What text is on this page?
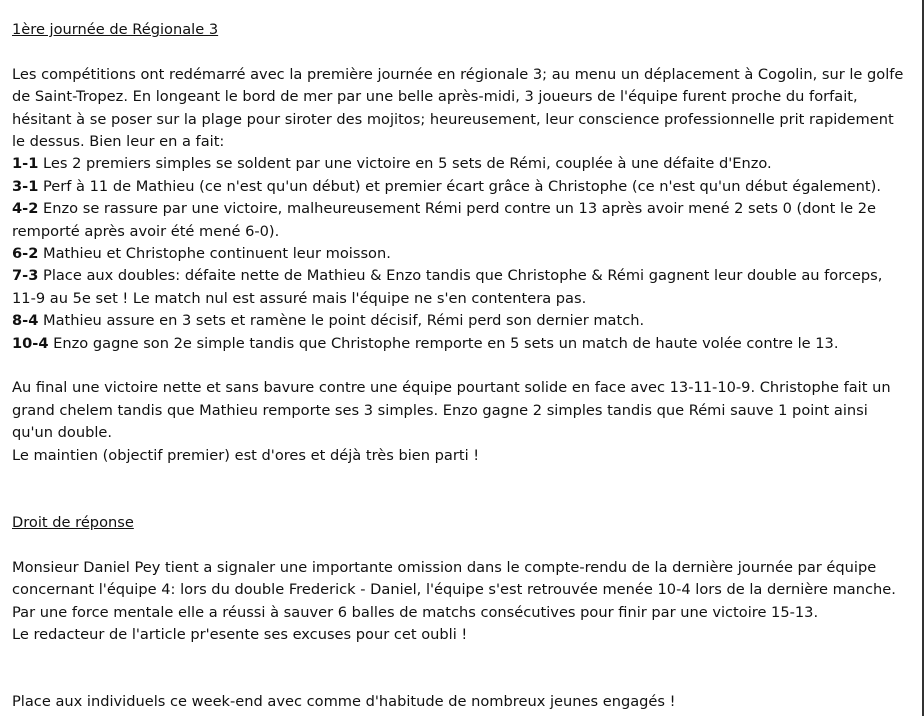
1ère journée de Régionale 3
Les compétitions ont redémarré avec la première journée en régionale 3; au menu un déplacement à Cogolin, sur le golfe de Saint-Tropez. En longeant le bord de mer par une belle après-midi, 3 joueurs de l'équipe furent proche du forfait, hésitant à se poser sur la plage pour siroter des mojitos; heureusement, leur conscience professionnelle prit rapidement le dessus. Bien leur en a fait:
1-1 Les 2 premiers simples se soldent par une victoire en 5 sets de Rémi, couplée à une défaite d'Enzo.
3-1 Perf à 11 de Mathieu (ce n'est qu'un début) et premier écart grâce à Christophe (ce n'est qu'un début également).
4-2 Enzo se rassure par une victoire, malheureusement Rémi perd contre un 13 après avoir mené 2 sets 0 (dont le 2e remporté après avoir été mené 6-0).
6-2 Mathieu et Christophe continuent leur moisson.
7-3 Place aux doubles: défaite nette de Mathieu & Enzo tandis que Christophe & Rémi gagnent leur double au forceps, 11-9 au 5e set ! Le match nul est assuré mais l'équipe ne s'en contentera pas.
8-4 Mathieu assure en 3 sets et ramène le point décisif, Rémi perd son dernier match.
10-4 Enzo gagne son 2e simple tandis que Christophe remporte en 5 sets un match de haute volée contre le 13.
Au final une victoire nette et sans bavure contre une équipe pourtant solide en face avec 13-11-10-9. Christophe fait un grand chelem tandis que Mathieu remporte ses 3 simples. Enzo gagne 2 simples tandis que Rémi sauve 1 point ainsi qu'un double.
Le maintien (objectif premier) est d'ores et déjà très bien parti !
Droit de réponse
Monsieur Daniel Pey tient a signaler une importante omission dans le compte-rendu de la dernière journée par équipe concernant l'équipe 4: lors du double Frederick - Daniel, l'équipe s'est retrouvée menée 10-4 lors de la dernière manche. Par une force mentale elle a réussi à sauver 6 balles de matchs consécutives pour finir par une victoire 15-13.
Le redacteur de l'article pr'esente ses excuses pour cet oubli !
Place aux individuels ce week-end avec comme d'habitude de nombreux jeunes engagés !
